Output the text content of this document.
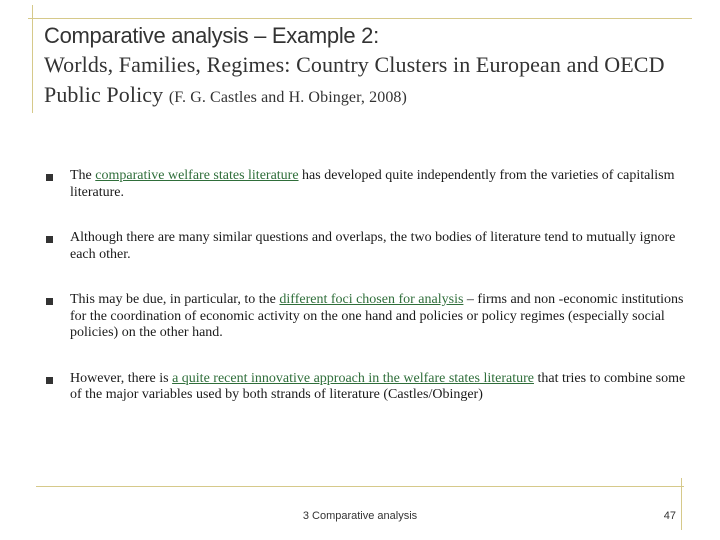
Comparative analysis – Example 2:
Worlds, Families, Regimes: Country Clusters in European and OECD Public Policy (F. G. Castles and H. Obinger, 2008)
The comparative welfare states literature has developed quite independently from the varieties of capitalism literature.
Although there are many similar questions and overlaps, the two bodies of literature tend to mutually ignore each other.
This may be due, in particular, to the different foci chosen for analysis – firms and non -economic institutions for the coordination of economic activity on the one hand and policies or policy regimes (especially social policies) on the other hand.
However, there is a quite recent innovative approach in the welfare states literature that tries to combine some of the major variables used by both strands of literature (Castles/Obinger)
3 Comparative analysis	47
